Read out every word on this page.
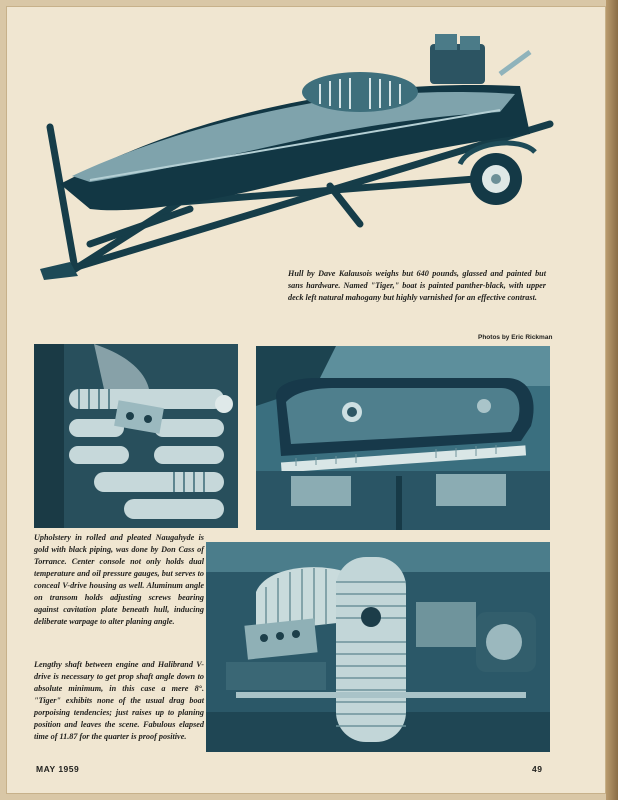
Hull by Dave Kalausois weighs but 640 pounds, glassed and painted but sans hardware. Named "Tiger," boat is painted panther-black, with upper deck left natural mahogany but highly varnished for an effective contrast.
Photos by Eric Rickman
Upholstery in rolled and pleated Naugahyde is gold with black piping, was done by Don Cass of Torrance. Center console not only holds dual temperature and oil pressure gauges, but serves to conceal V-drive housing as well. Aluminum angle on transom holds adjusting screws bearing against cavitation plate beneath hull, inducing deliberate warpage to alter planing angle.
Lengthy shaft between engine and Halibrand V-drive is necessary to get prop shaft angle down to absolute minimum, in this case a mere 8°. "Tiger" exhibits none of the usual drag boat porpoising tendencies; just raises up to planing position and leaves the scene. Fabulous elapsed time of 11.87 for the quarter is proof positive.
MAY 1959	49
